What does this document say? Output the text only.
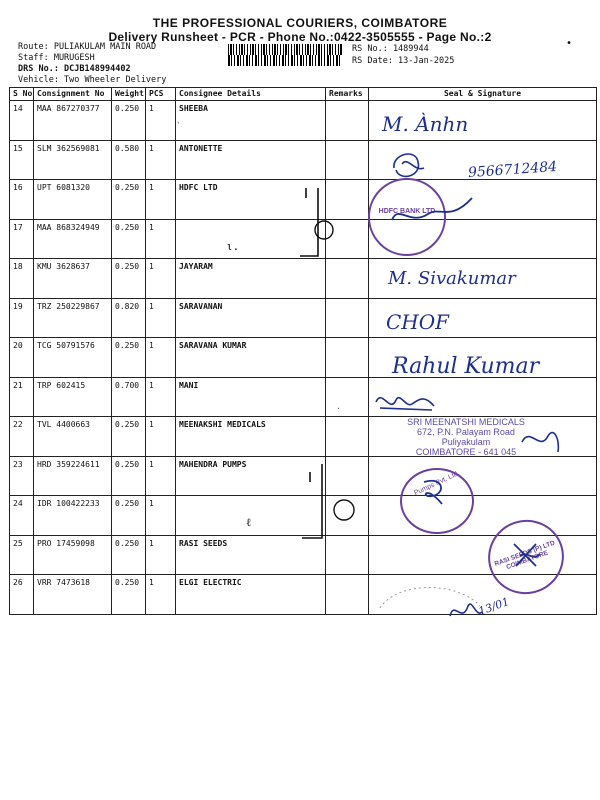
THE PROFESSIONAL COURIERS, COIMBATORE
Delivery Runsheet - PCR - Phone No.:0422-3505555 - Page No.:2
Route: PULIAKULAM MAIN ROAD
Staff: MURUGESH
DRS No.: DCJB148994402
Vehicle: Two Wheeler Delivery
RS No.: 1489944
RS Date: 13-Jan-2025
•
S No	Consignment No	Weight	PCS	Consignee Details	Remarks	Seal & Signature
14	MAA 867270377	0.250	1	SHEEBA		
15	SLM 362569081	0.580	1	ANTONETTE		
16	UPT 6081320	0.250	1	HDFC LTD		
17	MAA 868324949	0.250	1			
18	KMU 3628637	0.250	1	JAYARAM		
19	TRZ 250229867	0.820	1	SARAVANAN		
20	TCG 50791576	0.250	1	SARAVANA KUMAR		
21	TRP 602415	0.700	1	MANI		
22	TVL 4400663	0.250	1	MEENAKSHI MEDICALS		
23	HRD 359224611	0.250	1	MAHENDRA PUMPS		
24	IDR 100422233	0.250	1			
25	PRO 17459098	0.250	1	RASI SEEDS		
26	VRR 7473618	0.250	1	ELGI ELECTRIC		
M. Ànhn
`
9566712484
HDFC BANK LTD
ι.
M. Sivakumar
CHOF
Rahul Kumar
·
SRI MEENATSHI MEDICALS
672, P.N. Palayam Road
Puliyakulam
COIMBATORE - 641 045
Pumps Pvt. Ltd.
ℓ
RASI SEEDS (P) LTD COIMBATORE
13/01
